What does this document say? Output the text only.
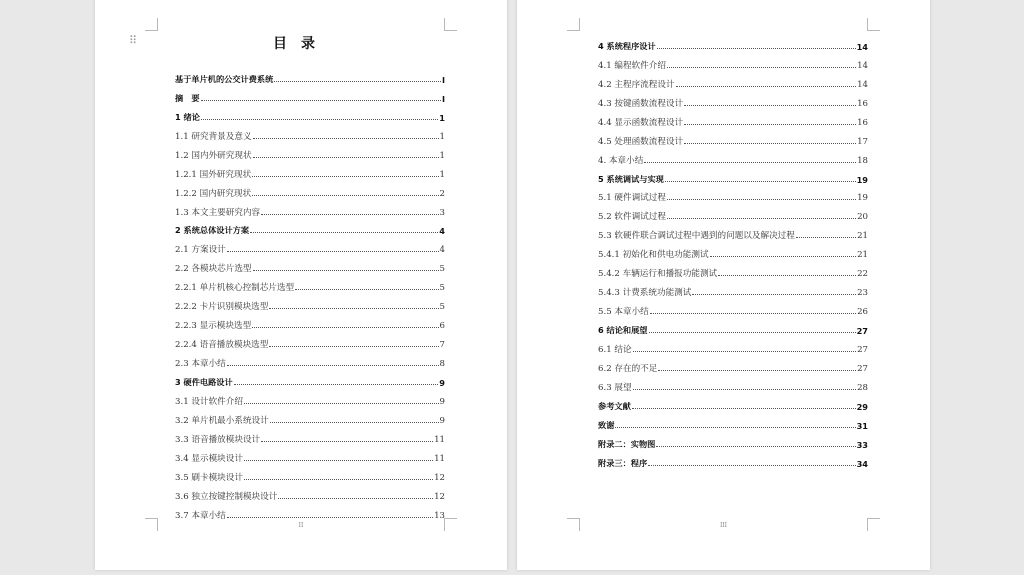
⠿	目录
基于单片机的公交计费系统	I
摘　要	I
1 绪论	1
1.1 研究背景及意义	1
1.2 国内外研究现状	1
1.2.1 国外研究现状	1
1.2.2 国内研究现状	2
1.3 本文主要研究内容	3
2 系统总体设计方案	4
2.1 方案设计	4
2.2 各模块芯片选型	5
2.2.1 单片机核心控制芯片选型	5
2.2.2 卡片识别模块选型	5
2.2.3 显示模块选型	6
2.2.4 语音播放模块选型	7
2.3 本章小结	8
3 硬件电路设计	9
3.1 设计软件介绍	9
3.2 单片机最小系统设计	9
3.3 语音播放模块设计	11
3.4 显示模块设计	11
3.5 刷卡模块设计	12
3.6 独立按键控制模块设计	12
3.7 本章小结	13
II
4 系统程序设计	14
4.1 编程软件介绍	14
4.2 主程序流程设计	14
4.3 按键函数流程设计	16
4.4 显示函数流程设计	16
4.5 处理函数流程设计	17
4. 本章小结	18
5 系统调试与实现	19
5.1 硬件调试过程	19
5.2 软件调试过程	20
5.3 软硬件联合调试过程中遇到的问题以及解决过程	21
5.4.1 初始化和供电功能测试	21
5.4.2 车辆运行和播报功能测试	22
5.4.3 计费系统功能测试	23
5.5 本章小结	26
6 结论和展望	27
6.1 结论	27
6.2 存在的不足	27
6.3 展望	28
参考文献	29
致谢	31
附录二：实物图	33
附录三：程序	34
III
